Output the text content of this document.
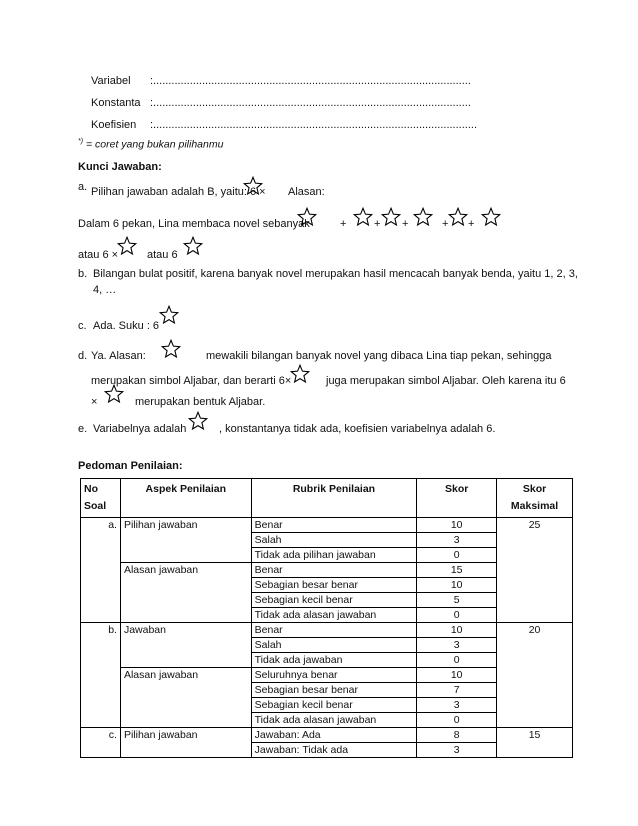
Variabel :........................................................................................................
Konstanta :........................................................................................................
Koefisien :..........................................................................................................
*) = coret yang bukan pilihanmu
Kunci Jawaban:
a. Pilihan jawaban adalah B, yaitu: 6 × Alasan:
Dalam 6 pekan, Lina membaca novel sebanyak	+	+ +	+ +
atau 6 ×	atau 6
b. Bilangan bulat positif, karena banyak novel merupakan hasil mencacah banyak benda, yaitu 1, 2, 3,
4, …
c. Ada. Suku : 6
d. Ya. Alasan:	mewakili bilangan banyak novel yang dibaca Lina tiap pekan, sehingga
merupakan simbol Aljabar, dan berarti 6×	juga merupakan simbol Aljabar. Oleh karena itu 6
×	merupakan bentuk Aljabar.
e. Variabelnya adalah	, konstantanya tidak ada, koefisien variabelnya adalah 6.
Pedoman Penilaian:
No Soal	Aspek Penilaian	Rubrik Penilaian	Skor	Skor Maksimal
a.	Pilihan jawaban	Benar	10	25
		Salah	3	
		Tidak ada pilihan jawaban	0	
	Alasan jawaban	Benar	15	
		Sebagian besar benar	10	
		Sebagian kecil benar	5	
		Tidak ada alasan jawaban	0	
b.	Jawaban	Benar	10	20
		Salah	3	
		Tidak ada jawaban	0	
	Alasan jawaban	Seluruhnya benar	10	
		Sebagian besar benar	7	
		Sebagian kecil benar	3	
		Tidak ada alasan jawaban	0	
c.	Pilihan jawaban	Jawaban: Ada	8	15
		Jawaban: Tidak ada	3	
